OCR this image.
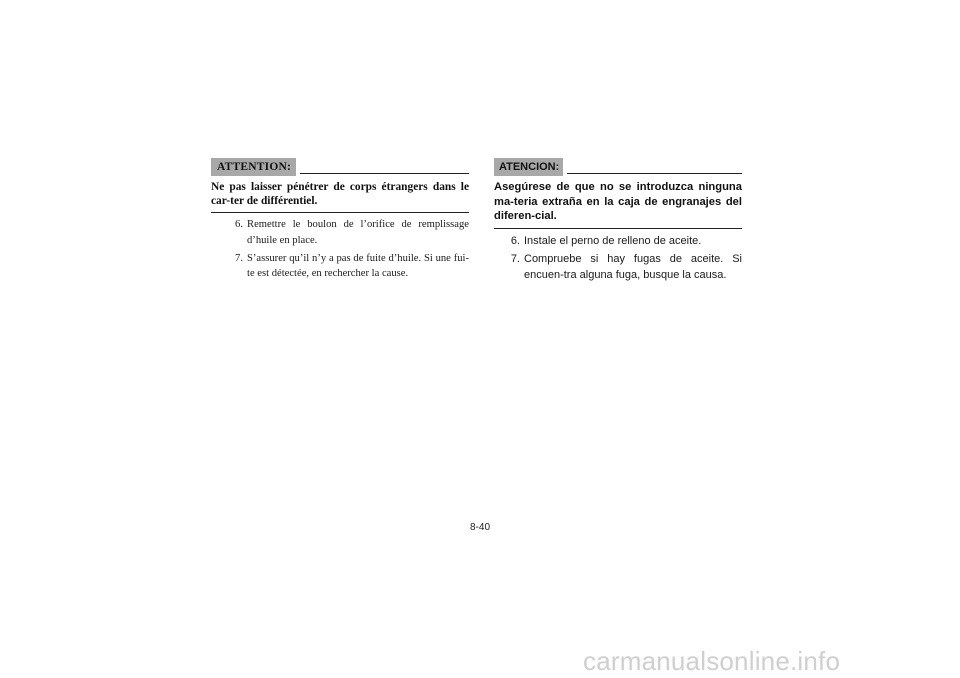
ATTENTION:
Ne pas laisser pénétrer de corps étrangers dans le car-ter de différentiel.
6. Remettre le boulon de l’orifice de remplissage d’huile en place.
7. S’assurer qu’il n’y a pas de fuite d’huile. Si une fui-te est détectée, en rechercher la cause.
ATENCION:
Asegúrese de que no se introduzca ninguna ma-teria extraña en la caja de engranajes del diferen-cial.
6. Instale el perno de relleno de aceite.
7. Compruebe si hay fugas de aceite. Si encuen-tra alguna fuga, busque la causa.
8-40
carmanualsonline.info
